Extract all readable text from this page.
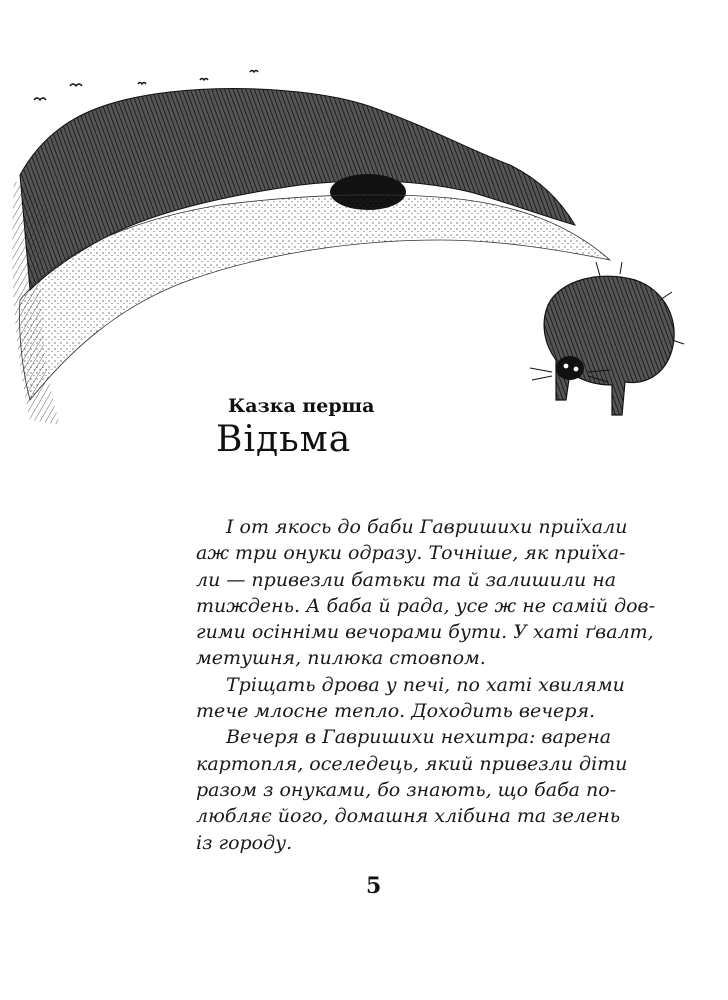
Казка перша
Відьма
І от якось до баби Гавришихи приїхали
аж три онуки одразу. Точніше, як приїха-
ли — привезли батьки та й залишили на
тиждень. А баба й рада, усе ж не самій дов-
гими осінніми вечорами бути. У хаті ґвалт,
метушня, пилюка стовпом.
Тріщать дрова у печі, по хаті хвилями
тече млосне тепло. Доходить вечеря.
Вечеря в Гавришихи нехитра: варена
картопля, оселедець, який привезли діти
разом з онуками, бо знають, що баба по-
любляє його, домашня хлібина та зелень
із городу.
5
